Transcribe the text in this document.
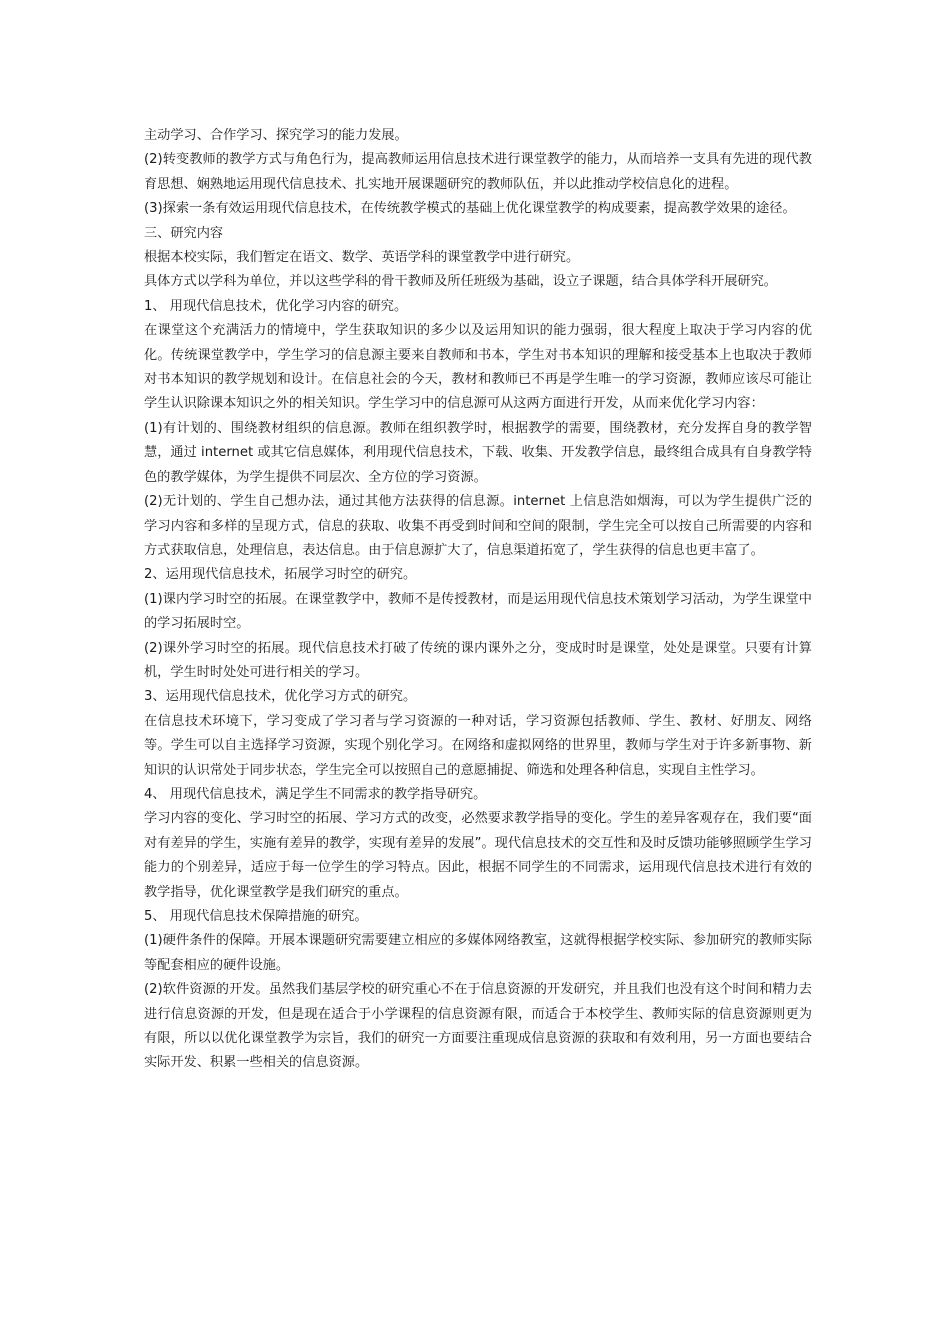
主动学习、合作学习、探究学习的能力发展。

(2)转变教师的教学方式与角色行为，提高教师运用信息技术进行课堂教学的能力，从而培养一支具有先进的现代教育思想、娴熟地运用现代信息技术、扎实地开展课题研究的教师队伍，并以此推动学校信息化的进程。

(3)探索一条有效运用现代信息技术，在传统教学模式的基础上优化课堂教学的构成要素，提高教学效果的途径。

三、研究内容

根据本校实际，我们暂定在语文、数学、英语学科的课堂教学中进行研究。

具体方式以学科为单位，并以这些学科的骨干教师及所任班级为基础，设立子课题，结合具体学科开展研究。

1、 用现代信息技术，优化学习内容的研究。

在课堂这个充满活力的情境中，学生获取知识的多少以及运用知识的能力强弱，很大程度上取决于学习内容的优化。传统课堂教学中，学生学习的信息源主要来自教师和书本，学生对书本知识的理解和接受基本上也取决于教师对书本知识的教学规划和设计。在信息社会的今天，教材和教师已不再是学生唯一的学习资源，教师应该尽可能让学生认识除课本知识之外的相关知识。学生学习中的信息源可从这两方面进行开发，从而来优化学习内容：

(1)有计划的、围绕教材组织的信息源。教师在组织教学时，根据教学的需要，围绕教材，充分发挥自身的教学智慧，通过 internet 或其它信息媒体，利用现代信息技术，下载、收集、开发教学信息，最终组合成具有自身教学特色的教学媒体，为学生提供不同层次、全方位的学习资源。

(2)无计划的、学生自己想办法，通过其他方法获得的信息源。internet 上信息浩如烟海，可以为学生提供广泛的学习内容和多样的呈现方式，信息的获取、收集不再受到时间和空间的限制，学生完全可以按自己所需要的内容和方式获取信息，处理信息，表达信息。由于信息源扩大了，信息渠道拓宽了，学生获得的信息也更丰富了。

2、运用现代信息技术，拓展学习时空的研究。

(1)课内学习时空的拓展。在课堂教学中，教师不是传授教材，而是运用现代信息技术策划学习活动，为学生课堂中的学习拓展时空。

(2)课外学习时空的拓展。现代信息技术打破了传统的课内课外之分，变成时时是课堂，处处是课堂。只要有计算机，学生时时处处可进行相关的学习。

3、运用现代信息技术，优化学习方式的研究。

在信息技术环境下，学习变成了学习者与学习资源的一种对话，学习资源包括教师、学生、教材、好朋友、网络等。学生可以自主选择学习资源，实现个别化学习。在网络和虚拟网络的世界里，教师与学生对于许多新事物、新知识的认识常处于同步状态，学生完全可以按照自己的意愿捕捉、筛选和处理各种信息，实现自主性学习。

4、 用现代信息技术，满足学生不同需求的教学指导研究。

学习内容的变化、学习时空的拓展、学习方式的改变，必然要求教学指导的变化。学生的差异客观存在，我们要“面对有差异的学生，实施有差异的教学，实现有差异的发展”。现代信息技术的交互性和及时反馈功能够照顾学生学习能力的个别差异，适应于每一位学生的学习特点。因此，根据不同学生的不同需求，运用现代信息技术进行有效的教学指导，优化课堂教学是我们研究的重点。

5、 用现代信息技术保障措施的研究。

(1)硬件条件的保障。开展本课题研究需要建立相应的多媒体网络教室，这就得根据学校实际、参加研究的教师实际等配套相应的硬件设施。

(2)软件资源的开发。虽然我们基层学校的研究重心不在于信息资源的开发研究，并且我们也没有这个时间和精力去进行信息资源的开发，但是现在适合于小学课程的信息资源有限，而适合于本校学生、教师实际的信息资源则更为有限，所以以优化课堂教学为宗旨，我们的研究一方面要注重现成信息资源的获取和有效利用，另一方面也要结合实际开发、积累一些相关的信息资源。
